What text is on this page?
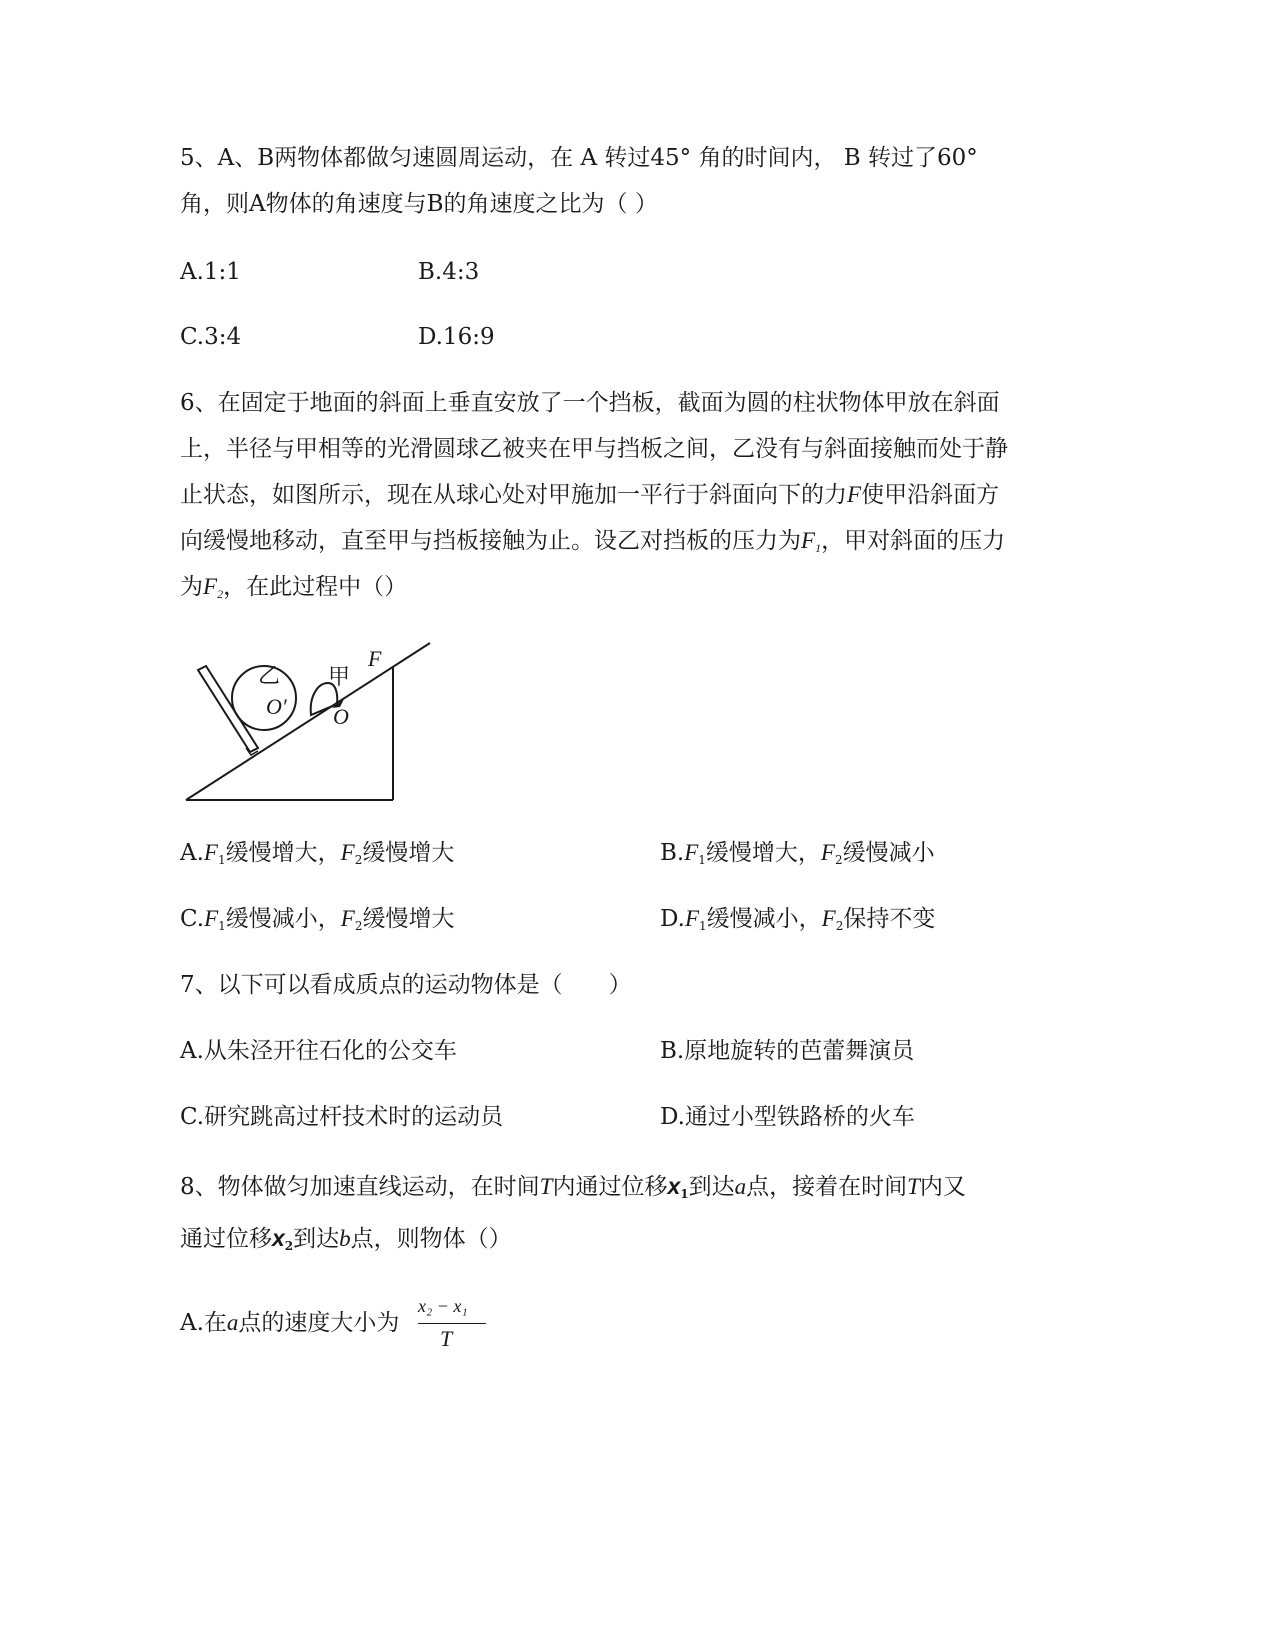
5、A、B两物体都做匀速圆周运动，在 A 转过45° 角的时间内， B 转过了60°
角，则A物体的角速度与B的角速度之比为（ ）
A.1:1	B.4:3
C.3:4	D.16:9
6、在固定于地面的斜面上垂直安放了一个挡板，截面为圆的柱状物体甲放在斜面
上，半径与甲相等的光滑圆球乙被夹在甲与挡板之间，乙没有与斜面接触而处于静
止状态，如图所示，现在从球心处对甲施加一平行于斜面向下的力F使甲沿斜面方
向缓慢地移动，直至甲与挡板接触为止。设乙对挡板的压力为$F_1$，甲对斜面的压力
为$F_2$，在此过程中（）
乙 甲
F
O′ O
$A.F_1$缓慢增大，$F_2$缓慢增大	$B.F_1$缓慢增大，$F_2$缓慢减小
$C.F_1$缓慢减小，$F_2$缓慢增大	$D.F_1$缓慢减小，$F_2$保持不变
7、以下可以看成质点的运动物体是（　　）
A.从朱泾开往石化的公交车	B.原地旋转的芭蕾舞演员
C.研究跳高过杆技术时的运动员	D.通过小型铁路桥的火车
8、物体做匀加速直线运动，在时间T内通过位移$x_1$到达a点，接着在时间T内又
通过位移$x_2$到达b点，则物体（）
A.在a点的速度大小为
x₂ − x₁
T
